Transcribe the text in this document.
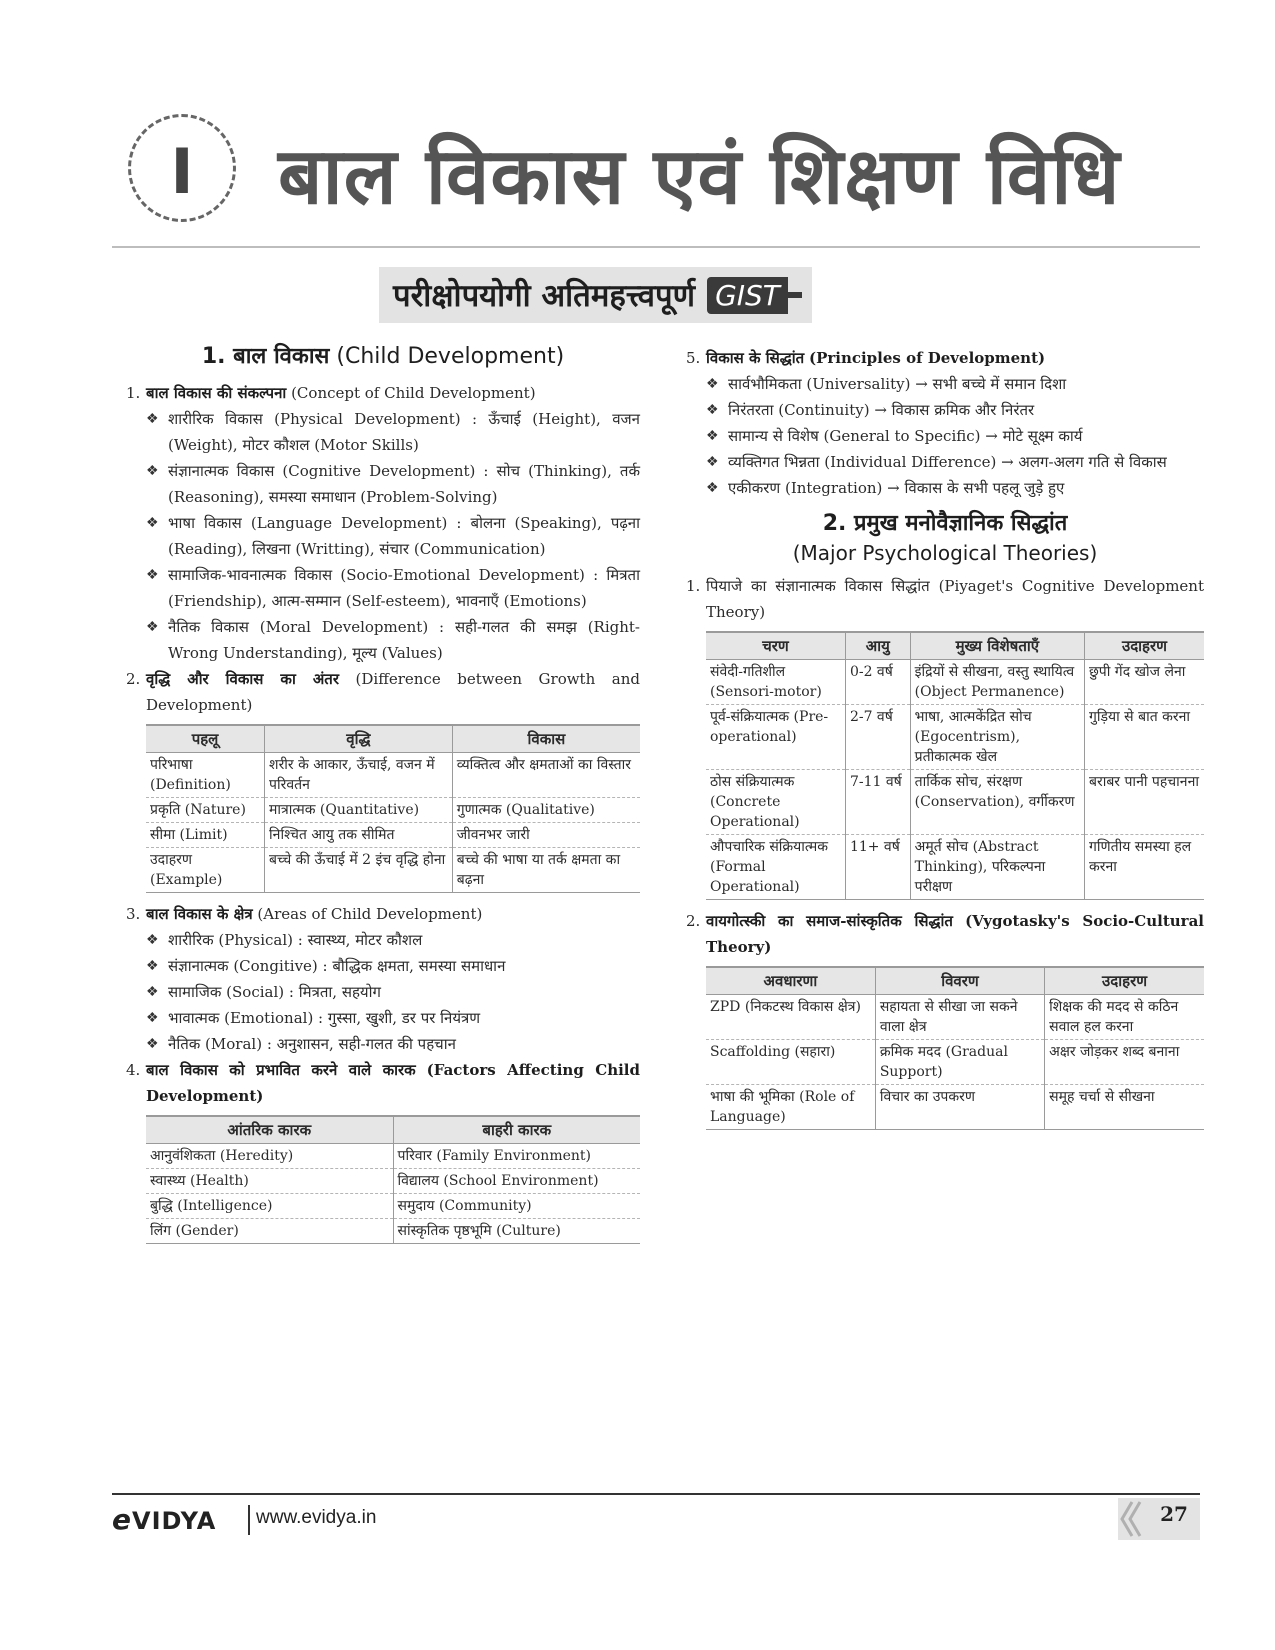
I	बाल विकास एवं शिक्षण विधि
परीक्षोपयोगी अतिमहत्त्वपूर्ण GIST
1. बाल विकास (Child Development)
1. बाल विकास की संकल्पना (Concept of Child Development)
❖ शारीरिक विकास (Physical Development) : ऊँचाई (Height), वजन (Weight), मोटर कौशल (Motor Skills)
❖ संज्ञानात्मक विकास (Cognitive Development) : सोच (Thinking), तर्क (Reasoning), समस्या समाधान (Problem-Solving)
❖ भाषा विकास (Language Development) : बोलना (Speaking), पढ़ना (Reading), लिखना (Writting), संचार (Communication)
❖ सामाजिक-भावनात्मक विकास (Socio-Emotional Development) : मित्रता (Friendship), आत्म-सम्मान (Self-esteem), भावनाएँ (Emotions)
❖ नैतिक विकास (Moral Development) : सही-गलत की समझ (Right-Wrong Understanding), मूल्य (Values)
2. वृद्धि और विकास का अंतर (Difference between Growth and Development)
पहलू	वृद्धि	विकास
परिभाषा (Definition)	शरीर के आकार, ऊँचाई, वजन में परिवर्तन	व्यक्तित्व और क्षमताओं का विस्तार
प्रकृति (Nature)	मात्रात्मक (Quantitative)	गुणात्मक (Qualitative)
सीमा (Limit)	निश्चित आयु तक सीमित	जीवनभर जारी
उदाहरण (Example)	बच्चे की ऊँचाई में 2 इंच वृद्धि होना	बच्चे की भाषा या तर्क क्षमता का बढ़ना
3. बाल विकास के क्षेत्र (Areas of Child Development)
❖ शारीरिक (Physical) : स्वास्थ्य, मोटर कौशल
❖ संज्ञानात्मक (Congitive) : बौद्धिक क्षमता, समस्या समाधान
❖ सामाजिक (Social) : मित्रता, सहयोग
❖ भावात्मक (Emotional) : गुस्सा, खुशी, डर पर नियंत्रण
❖ नैतिक (Moral) : अनुशासन, सही-गलत की पहचान
4. बाल विकास को प्रभावित करने वाले कारक (Factors Affecting Child Development)
आंतरिक कारक	बाहरी कारक
आनुवंशिकता (Heredity)	परिवार (Family Environment)
स्वास्थ्य (Health)	विद्यालय (School Environment)
बुद्धि (Intelligence)	समुदाय (Community)
लिंग (Gender)	सांस्कृतिक पृष्ठभूमि (Culture)
5. विकास के सिद्धांत (Principles of Development)
❖ सार्वभौमिकता (Universality) → सभी बच्चे में समान दिशा
❖ निरंतरता (Continuity) → विकास क्रमिक और निरंतर
❖ सामान्य से विशेष (General to Specific) → मोटे सूक्ष्म कार्य
❖ व्यक्तिगत भिन्नता (Individual Difference) → अलग-अलग गति से विकास
❖ एकीकरण (Integration) → विकास के सभी पहलू जुड़े हुए
2. प्रमुख मनोवैज्ञानिक सिद्धांत
(Major Psychological Theories)
1. पियाजे का संज्ञानात्मक विकास सिद्धांत (Piyaget's Cognitive Development Theory)
चरण	आयु	मुख्य विशेषताएँ	उदाहरण
संवेदी-गतिशील (Sensori-motor)	0-2 वर्ष	इंद्रियों से सीखना, वस्तु स्थायित्व (Object Permanence)	छुपी गेंद खोज लेना
पूर्व-संक्रियात्मक (Pre-operational)	2-7 वर्ष	भाषा, आत्मकेंद्रित सोच (Egocentrism), प्रतीकात्मक खेल	गुड़िया से बात करना
ठोस संक्रियात्मक (Concrete Operational)	7-11 वर्ष	तार्किक सोच, संरक्षण (Conservation), वर्गीकरण	बराबर पानी पहचानना
औपचारिक संक्रियात्मक (Formal Operational)	11+ वर्ष	अमूर्त सोच (Abstract Thinking), परिकल्पना परीक्षण	गणितीय समस्या हल करना
2. वायगोत्स्की का समाज-सांस्कृतिक सिद्धांत (Vygotasky's Socio-Cultural Theory)
अवधारणा	विवरण	उदाहरण
ZPD (निकटस्थ विकास क्षेत्र)	सहायता से सीखा जा सकने वाला क्षेत्र	शिक्षक की मदद से कठिन सवाल हल करना
Scaffolding (सहारा)	क्रमिक मदद (Gradual Support)	अक्षर जोड़कर शब्द बनाना
भाषा की भूमिका (Role of Language)	विचार का उपकरण	समूह चर्चा से सीखना
eVIDYA www.evidya.in	27
